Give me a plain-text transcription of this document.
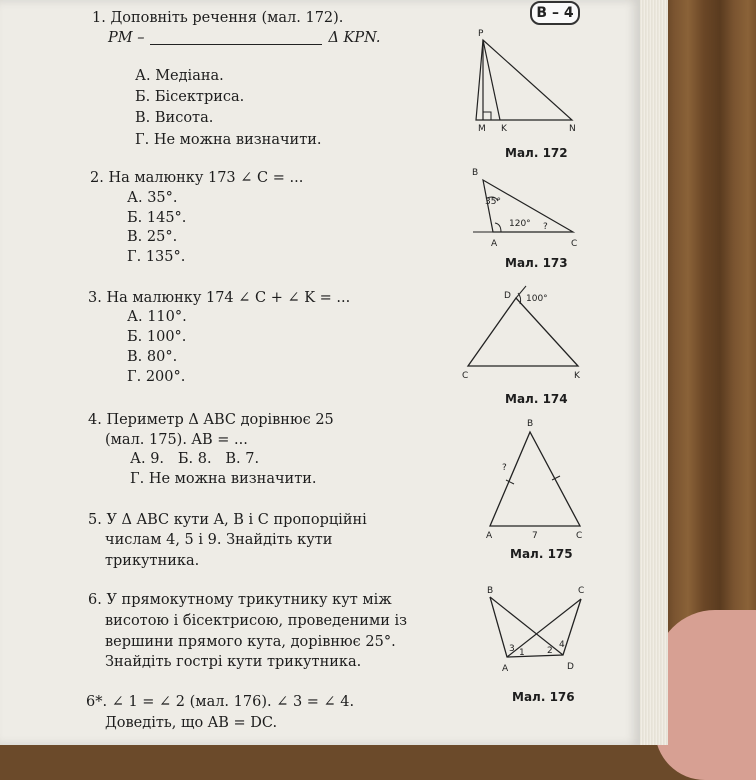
В – 4
1. Доповніть речення (мал. 172).
PM –	Δ KPN.
А. Медіана.
Б. Бісектриса.
В. Висота.
Г. Не можна визначити.
P
M K	N
Мал. 172
2. На малюнку 173 ∠ C = ...
А. 35°.
Б. 145°.
В. 25°.
Г. 135°.
B
35°
120° ?
A	C
Мал. 173
3. На малюнку 174 ∠ C + ∠ K = ...
А. 110°.
Б. 100°.
В. 80°.
Г. 200°.
D 100°
C	K
Мал. 174
4. Периметр Δ ABC дорівнює 25
(мал. 175). AB = ...
А. 9.   Б. 8.   В. 7.
Г. Не можна визначити.
B
?
A	7	C
Мал. 175
5. У Δ ABC кути A, B і C пропорційні
числам 4, 5 і 9. Знайдіть кути
трикутника.
6. У прямокутному трикутнику кут між
висотою і бісектрисою, проведеними із
вершини прямого кута, дорівнює 25°.
Знайдіть гострі кути трикутника.
B	C
A	D
3 1 2
4
Мал. 176
6*. ∠ 1 = ∠ 2 (мал. 176). ∠ 3 = ∠ 4.
Доведіть, що AB = DC.
